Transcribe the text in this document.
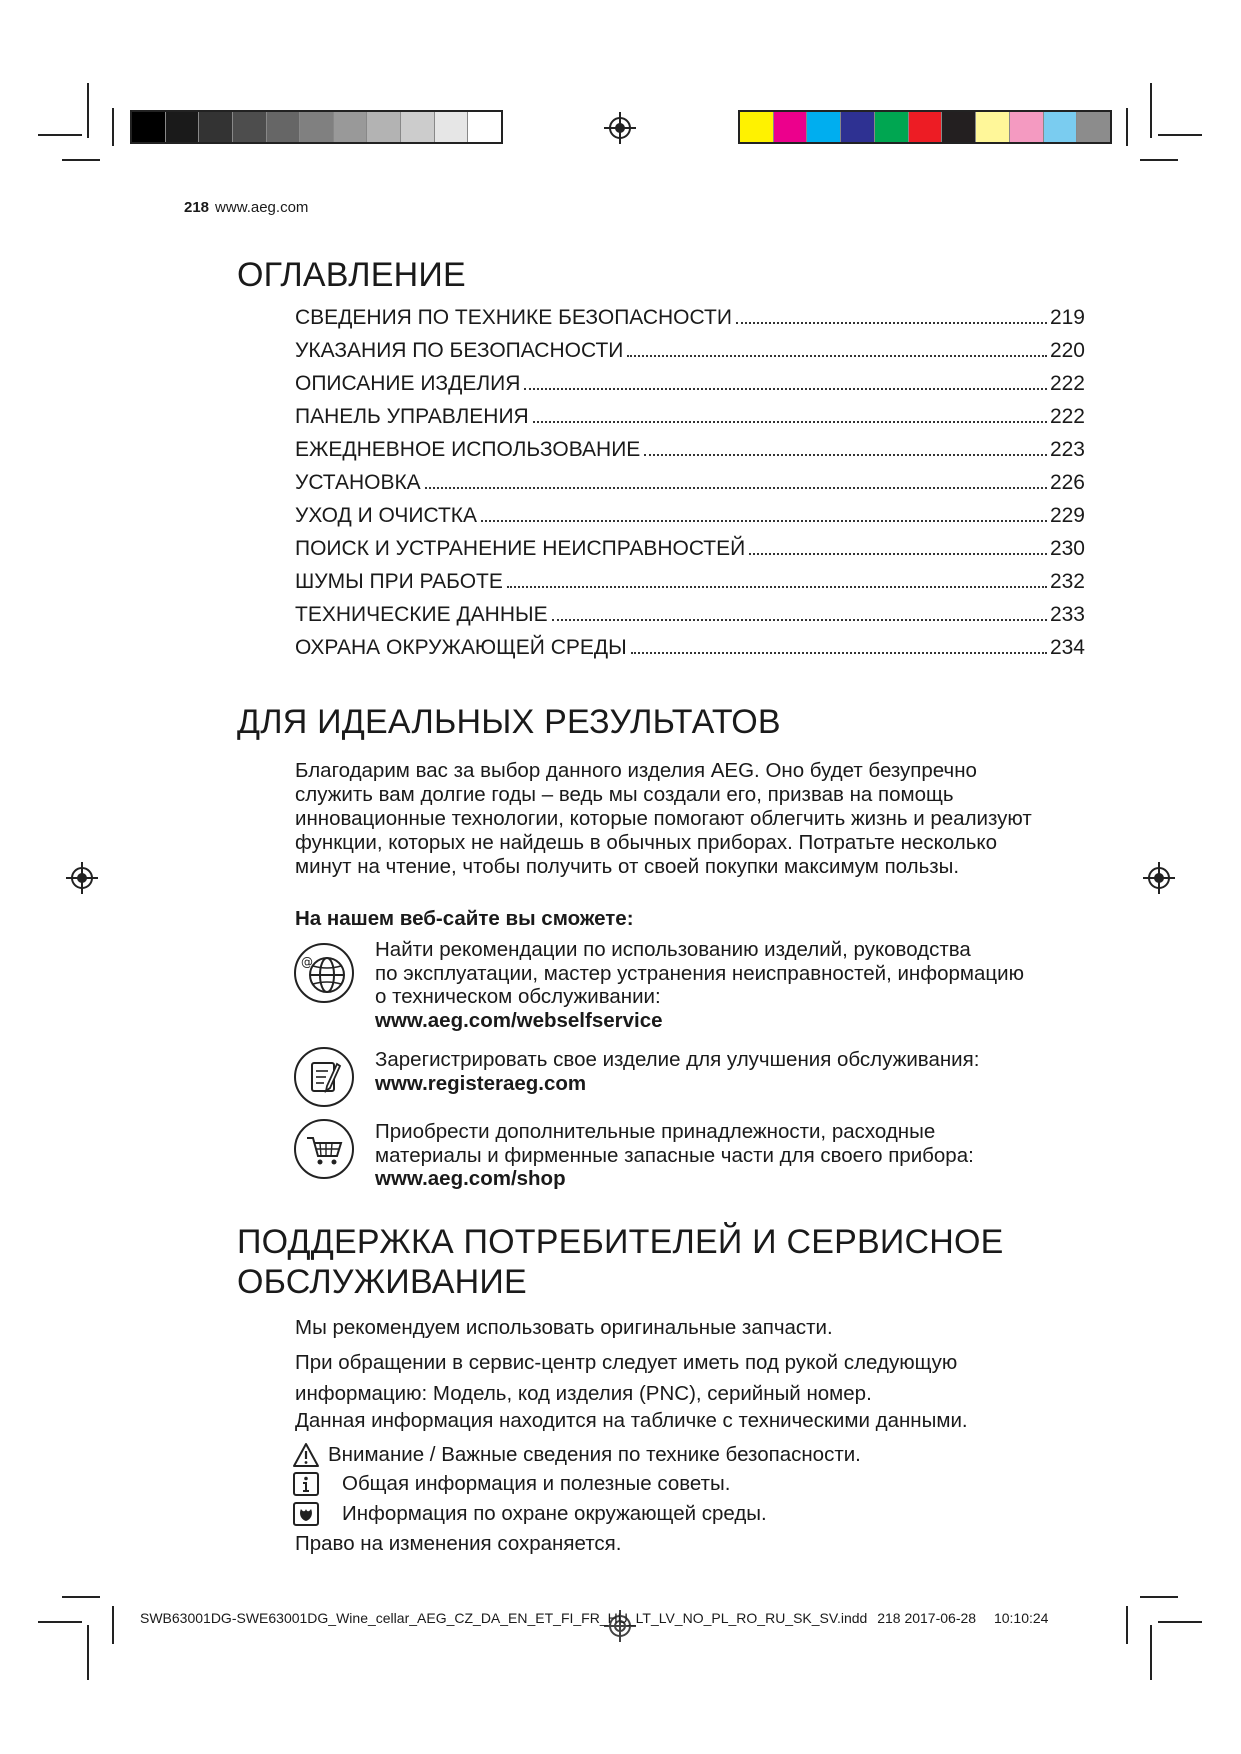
218 www.aeg.com
ОГЛАВЛЕНИЕ
СВЕДЕНИЯ ПО ТЕХНИКЕ БЕЗОПАСНОСТИ	219
УКАЗАНИЯ ПО БЕЗОПАСНОСТИ	220
ОПИСАНИЕ ИЗДЕЛИЯ	222
ПАНЕЛЬ УПРАВЛЕНИЯ	222
ЕЖЕДНЕВНОЕ ИСПОЛЬЗОВАНИЕ	223
УСТАНОВКА	226
УХОД И ОЧИСТКА	229
ПОИСК И УСТРАНЕНИЕ НЕИСПРАВНОСТЕЙ	230
ШУМЫ ПРИ РАБОТЕ	232
ТЕХНИЧЕСКИЕ ДАННЫЕ	233
ОХРАНА ОКРУЖАЮЩЕЙ СРЕДЫ	234
ДЛЯ ИДЕАЛЬНЫХ РЕЗУЛЬТАТОВ
Благодарим вас за выбор данного изделия AEG. Оно будет безупречно
служить вам долгие годы – ведь мы создали его, призвав на помощь
инновационные технологии, которые помогают облегчить жизнь и реализуют
функции, которых не найдешь в обычных приборах. Потратьте несколько
минут на чтение, чтобы получить от своей покупки максимум пользы.
На нашем веб-сайте вы сможете:
@
Найти рекомендации по использованию изделий, руководства
по эксплуатации, мастер устранения неисправностей, информацию
о техническом обслуживании:
www.aeg.com/webselfservice
Зарегистрировать свое изделие для улучшения обслуживания:
www.registeraeg.com
Приобрести дополнительные принадлежности, расходные
материалы и фирменные запасные части для своего прибора:
www.aeg.com/shop
ПОДДЕРЖКА ПОТРЕБИТЕЛЕЙ И СЕРВИСНОЕ
ОБСЛУЖИВАНИЕ
Мы рекомендуем использовать оригинальные запчасти.
При обращении в сервис-центр следует иметь под рукой следующую
информацию: Модель, код изделия (PNC), серийный номер.
Данная информация находится на табличке с техническими данными.
Внимание / Важные сведения по технике безопасности.
Общая информация и полезные советы.
Информация по охране окружающей среды.
Право на изменения сохраняется.
SWB63001DG-SWE63001DG_Wine_cellar_AEG_CZ_DA_EN_ET_FI_FR_HU_LT_LV_NO_PL_RO_RU_SK_SV.indd 218 2017-06-28 10:10:24
